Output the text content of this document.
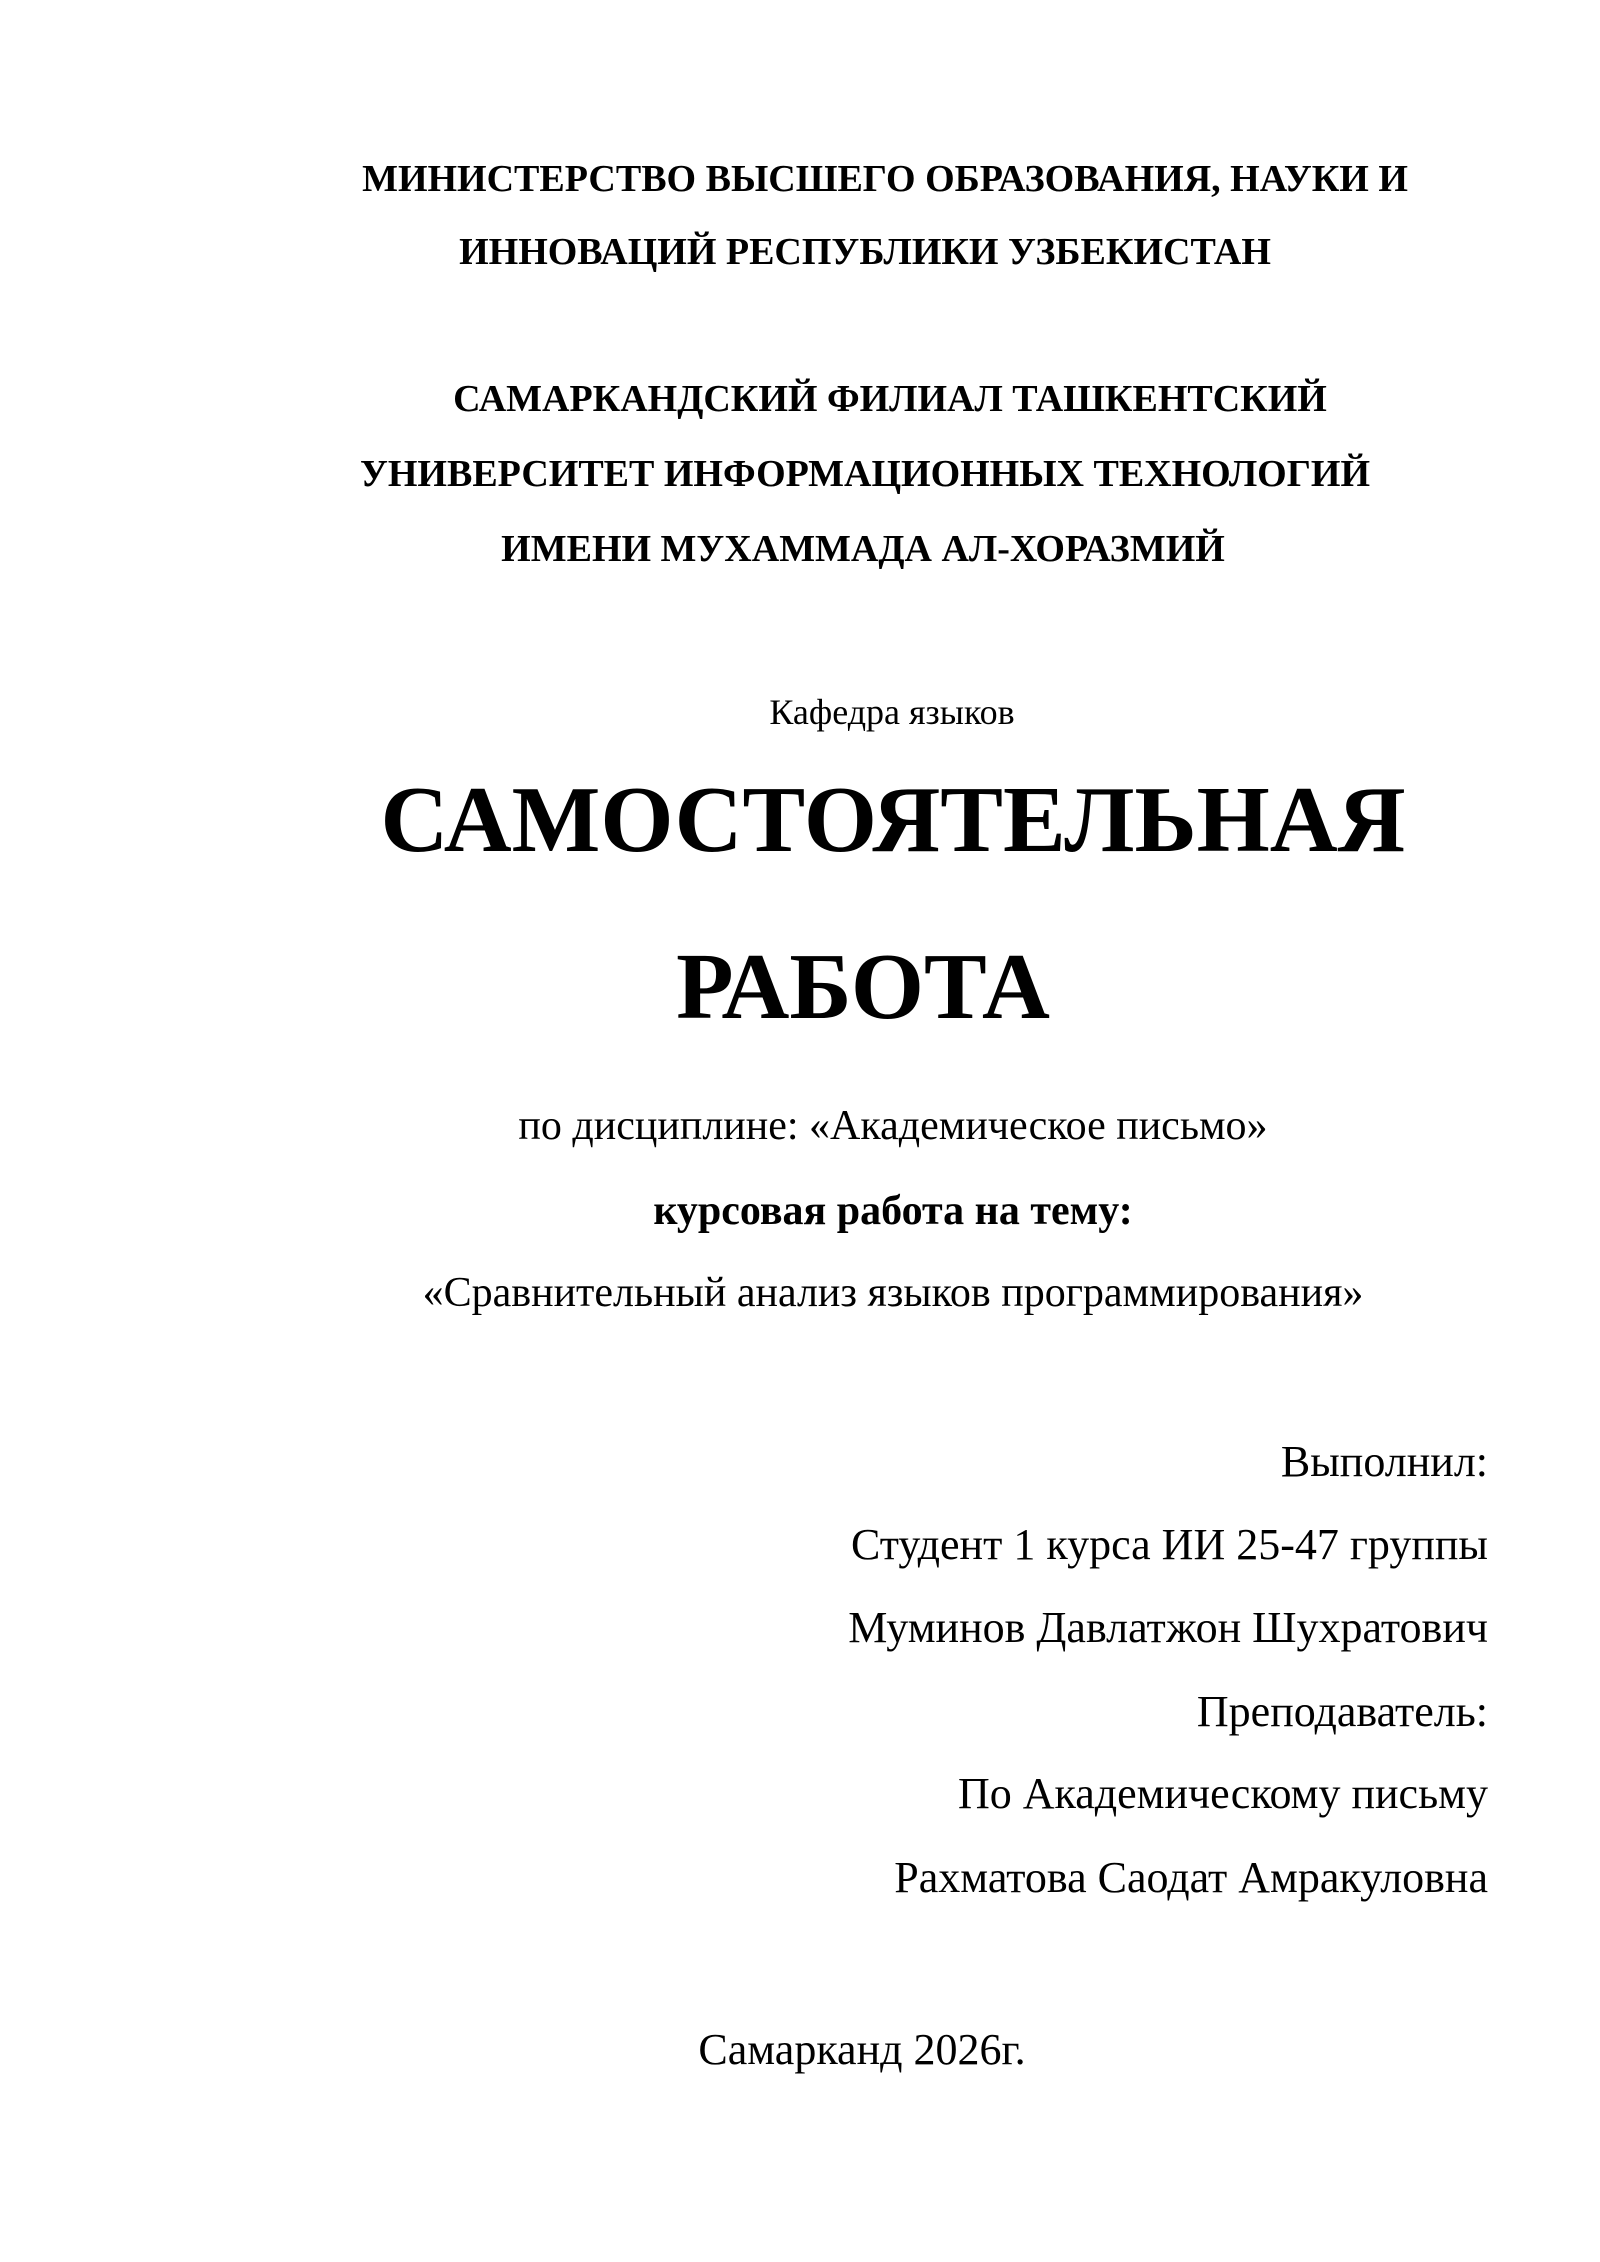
МИНИСТЕРСТВО ВЫСШЕГО ОБРАЗОВАНИЯ, НАУКИ И
ИННОВАЦИЙ РЕСПУБЛИКИ УЗБЕКИСТАН
САМАРКАНДСКИЙ ФИЛИАЛ ТАШКЕНТСКИЙ
УНИВЕРСИТЕТ ИНФОРМАЦИОННЫХ ТЕХНОЛОГИЙ
ИМЕНИ МУХАММАДА АЛ-ХОРАЗМИЙ
Кафедра языков
САМОСТОЯТЕЛЬНАЯ
РАБОТА
по дисциплине: «Академическое письмо»
курсовая работа на тему:
«Сравнительный анализ языков программирования»
Выполнил:
Студент 1 курса ИИ 25-47 группы
Муминов Давлатжон Шухратович
Преподаватель:
По Академическому письму
Рахматова Саодат Амракуловна
Самарканд 2026г.
